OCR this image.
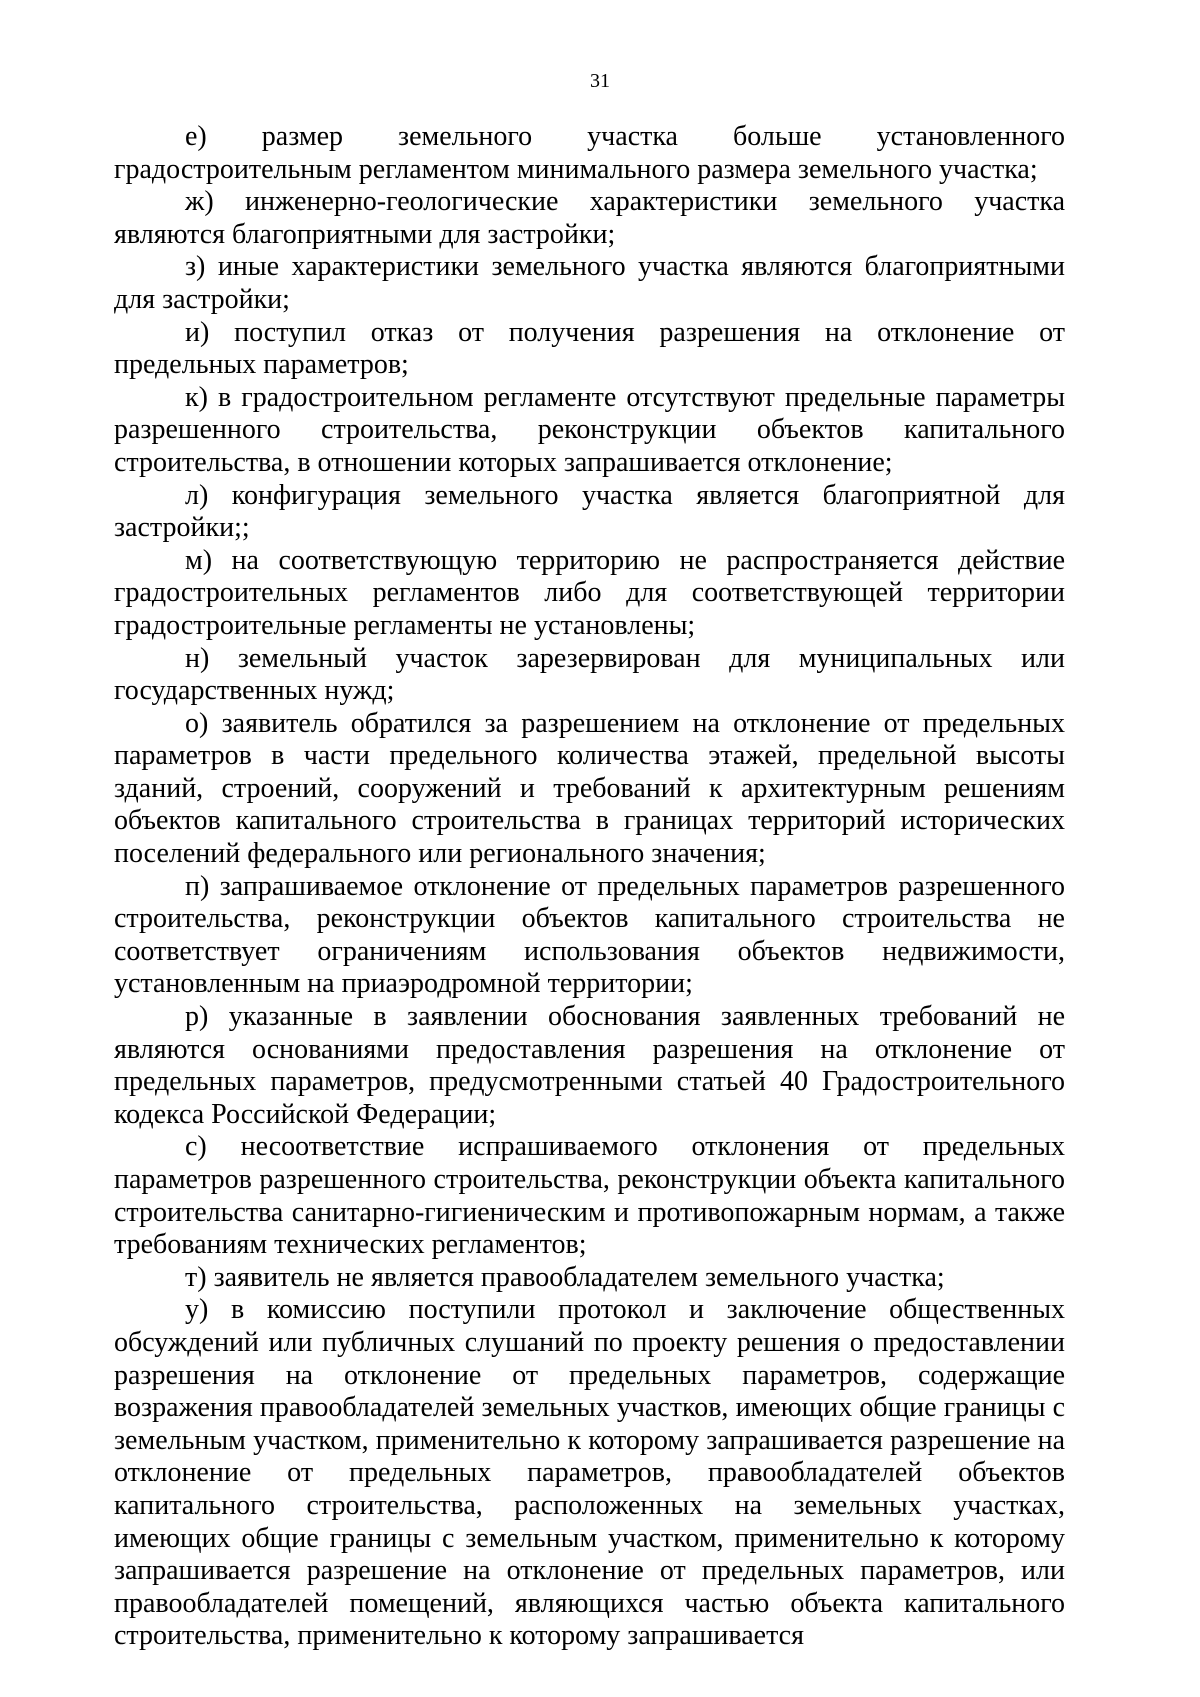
31

е) размер земельного участка больше установленного градостроительным регламентом минимального размера земельного участка;

ж) инженерно-геологические характеристики земельного участка являются благоприятными для застройки;

з) иные характеристики земельного участка являются благоприятными для застройки;

и) поступил отказ от получения разрешения на отклонение от предельных параметров;

к) в градостроительном регламенте отсутствуют предельные параметры разрешенного строительства, реконструкции объектов капитального строительства, в отношении которых запрашивается отклонение;

л) конфигурация земельного участка является благоприятной для застройки;;

м) на соответствующую территорию не распространяется действие градостроительных регламентов либо для соответствующей территории градостроительные регламенты не установлены;

н) земельный участок зарезервирован для муниципальных или государственных нужд;

о) заявитель обратился за разрешением на отклонение от предельных параметров в части предельного количества этажей, предельной высоты зданий, строений, сооружений и требований к архитектурным решениям объектов капитального строительства в границах территорий исторических поселений федерального или регионального значения;

п) запрашиваемое отклонение от предельных параметров разрешенного строительства, реконструкции объектов капитального строительства не соответствует ограничениям использования объектов недвижимости, установленным на приаэродромной территории;

р) указанные в заявлении обоснования заявленных требований не являются основаниями предоставления разрешения на отклонение от предельных параметров, предусмотренными статьей 40 Градостроительного кодекса Российской Федерации;

с) несоответствие испрашиваемого отклонения от предельных параметров разрешенного строительства, реконструкции объекта капитального строительства санитарно-гигиеническим и противопожарным нормам, а также требованиям технических регламентов;

т) заявитель не является правообладателем земельного участка;

у) в комиссию поступили протокол и заключение общественных обсуждений или публичных слушаний по проекту решения о предоставлении разрешения на отклонение от предельных параметров, содержащие возражения правообладателей земельных участков, имеющих общие границы с земельным участком, применительно к которому запрашивается разрешение на отклонение от предельных параметров, правообладателей объектов капитального строительства, расположенных на земельных участках, имеющих общие границы с земельным участком, применительно к которому запрашивается разрешение на отклонение от предельных параметров, или правообладателей помещений, являющихся частью объекта капитального строительства, применительно к которому запрашивается
